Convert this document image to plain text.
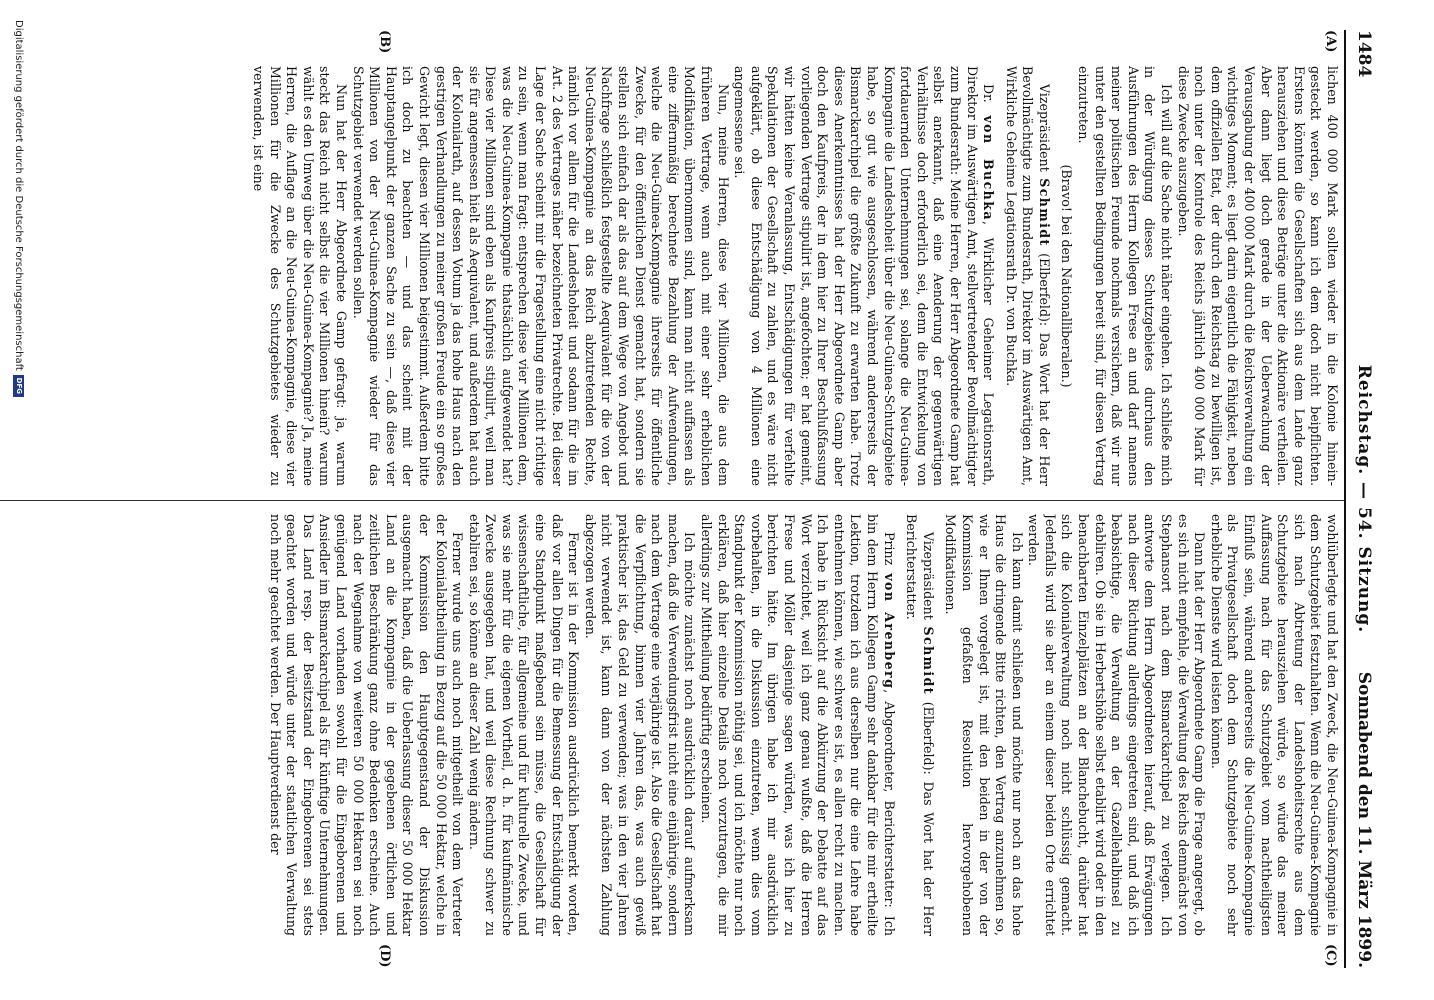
1484
Reichstag. — 54. Sitzung.
Sonnabend den 11. März 1899.
(A)
(B)
(C)
(D)

lichen 400 000 Mark sollten wieder in die Kolonie hinein-gesteckt werden, so kann ich dem doch nicht beipflichten. Erstens könnten die Gesellschaften sich aus dem Lande ganz herausziehen und diese Beträge unter die Aktionäre vertheilen. Aber dann liegt doch gerade in der Ueberwachung der Verausgabung der 400 000 Mark durch die Reichsverwaltung ein wichtiges Moment; es liegt darin eigentlich die Fähigkeit, neben dem offiziellen Etat, der durch den Reichstag zu bewilligen ist, noch unter der Kontrole des Reichs jährlich 400 000 Mark für diese Zwecke auszugeben.

Ich will auf die Sache nicht näher eingehen. Ich schließe mich in der Würdigung dieses Schutzgebietes durchaus den Ausführungen des Herrn Kollegen Frese an und darf namens meiner politischen Freunde nochmals versichern, daß wir nur unter den gestellten Bedingungen bereit sind, für diesen Vertrag einzutreten.

(Bravo! bei den Nationalliberalen.)

Vizepräsident Schmidt (Elberfeld): Das Wort hat der Herr Bevollmächtigte zum Bundesrath, Direktor im Auswärtigen Amt, Wirkliche Geheime Legationsrath Dr. von Buchka.

Dr. von Buchka, Wirklicher Geheimer Legationsrath, Direktor im Auswärtigen Amt, stellvertretender Bevollmächtigter zum Bundesrath: Meine Herren, der Herr Abgeordnete Gamp hat selbst anerkannt, daß eine Aenderung der gegenwärtigen Verhältnisse doch erforderlich sei, denn die Entwickelung von fortdauernden Unternehmungen sei, solange die Neu-Guinea-Kompagnie die Landeshoheit über die Neu-Guinea-Schutzgebiete habe, so gut wie ausgeschlossen, während andererseits der Bismarckarchipel die größte Zukunft zu erwarten habe. Trotz dieses Anerkenntnisses hat der Herr Abgeordnete Gamp aber doch den Kaufpreis, der in dem hier zu Ihrer Beschlußfassung vorliegenden Vertrage stipulirt ist, angefochten; er hat gemeint, wir hätten keine Veranlassung, Entschädigungen für verfehlte Spekulationen der Gesellschaft zu zahlen, und es wäre nicht aufgeklärt, ob diese Entschädigung von 4 Millionen eine angemessene sei.

Nun, meine Herren, diese vier Millionen, die aus dem früheren Vertrage, wenn auch mit einer sehr erheblichen Modifikation, übernommen sind, kann man nicht auffassen als eine ziffernmäßig berechnete Bezahlung der Aufwendungen, welche die Neu-Guinea-Kompagnie ihrerseits für öffentliche Zwecke, für den öffentlichen Dienst gemacht hat, sondern sie stellen sich einfach dar als das auf dem Wege von Angebot und Nachfrage schließlich festgestellte Aequivalent für die von der Neu-Guinea-Kompagnie an das Reich abzutretenden Rechte, nämlich vor allem für die Landeshoheit und sodann für die im Art. 2 des Vertrages näher bezeichneten Privatrechte. Bei dieser Lage der Sache scheint mir die Fragestellung eine nicht richtige zu sein, wenn man fragt: entsprechen diese vier Millionen dem, was die Neu-Guinea-Kompagnie thatsächlich aufgewendet hat? Diese vier Millionen sind eben als Kaufpreis stipulirt, weil man sie für angemessen hielt als Aequivalent, und außerdem hat auch der Kolonialrath, auf dessen Votum ja das hohe Haus nach den gestrigen Verhandlungen zu meiner großen Freude ein so großes Gewicht legt, diesen vier Millionen beigestimmt. Außerdem bitte ich doch zu beachten — und das scheint mit der Hauptangelpunkt der ganzen Sache zu sein —, daß diese vier Millionen von der Neu-Guinea-Kompagnie wieder für das Schutzgebiet verwendet werden sollen.

Nun hat der Herr Abgeordnete Gamp gefragt: ja, warum steckt das Reich nicht selbst die vier Millionen hinein? warum wählt es den Umweg über die Neu-Guinea-Kompagnie? Ja, meine Herren, die Auflage an die Neu-Guinea-Kompagnie, diese vier Millionen für die Zwecke des Schutzgebietes wieder zu verwenden, ist eine

wohlüberlegte und hat den Zweck, die Neu-Guinea-Kompagnie in dem Schutzgebiet festzuhalten. Wenn die Neu-Guinea-Kompagnie sich nach Abtretung der Landeshoheitsrechte aus dem Schutzgebiete herausziehen würde, so würde das meiner Auffassung nach für das Schutzgebiet vom nachtheiligsten Einfluß sein, während andererseits die Neu-Guinea-Kompagnie als Privatgesellschaft doch dem Schutzgebiete noch sehr erhebliche Dienste wird leisten können.

Dann hat der Herr Abgeordnete Gamp die Frage angeregt, ob es sich nicht empfehle, die Verwaltung des Reichs demnächst von Stephansort nach dem Bismarckarchipel zu verlegen. Ich antworte dem Herrn Abgeordneten hierauf, daß Erwägungen nach dieser Richtung allerdings eingetreten sind, und daß ich beabsichtige, die Verwaltung an der Gazellehalbinsel zu etabliren. Ob sie in Herbertshöhe selbst etablirt wird oder in den benachbarten Einzelplätzen an der Blanchebucht, darüber hat sich die Kolonialverwaltung noch nicht schlüssig gemacht. Jedenfalls wird sie aber an einem dieser beiden Orte errichtet werden.

Ich kann damit schließen und möchte nur noch an das hohe Haus die dringende Bitte richten, den Vertrag anzunehmen so, wie er Ihnen vorgelegt ist, mit den beiden in der von der Kommission gefaßten Resolution hervorgehobenen Modifikationen.

Vizepräsident Schmidt (Elberfeld): Das Wort hat der Herr Berichterstatter.

Prinz von Arenberg, Abgeordneter, Berichterstatter: Ich bin dem Herrn Kollegen Gamp sehr dankbar für die mir ertheilte Lektion, trotzdem ich aus derselben nur die eine Lehre habe entnehmen können, wie schwer es ist, es allen recht zu machen. Ich habe in Rücksicht auf die Abkürzung der Debatte auf das Wort verzichtet, weil ich ganz genau wußte, daß die Herren Frese und Möller dasjenige sagen würden, was ich hier zu berichten hätte. Im übrigen habe ich mir ausdrücklich vorbehalten, in die Diskussion einzutreten, wenn dies vom Standpunkt der Kommission nöthig sei, und ich möchte nur noch erklären, daß hier einzelne Details noch vorzutragen, die mir allerdings zur Mittheilung bedürftig erscheinen.

Ich möchte zunächst noch ausdrücklich darauf aufmerksam machen, daß die Verwendungsfrist nicht eine einjährige, sondern nach dem Vertrage eine vierjährige ist. Also die Gesellschaft hat die Verpflichtung, binnen vier Jahren das, was auch gewiß praktischer ist, das Geld zu verwenden; was in den vier Jahren nicht verwendet ist, kann dann von der nächsten Zahlung abgezogen werden.

Ferner ist in der Kommission ausdrücklich bemerkt worden, daß vor allen Dingen für die Bemessung der Entschädigung der eine Standpunkt maßgebend sein müsse, die Gesellschaft für wissenschaftliche, für allgemeine und für kulturelle Zwecke, und was sie mehr für die eigenen Vortheil, d. h. für kaufmännische Zwecke ausgegeben hat, und weil diese Rechnung schwer zu etabliren sei, so könne an dieser Zahl wenig ändern.

Ferner wurde uns auch noch mitgetheilt von dem Vertreter der Kolonialabtheilung in Bezug auf die 50 000 Hektar, welche in der Kommission den Hauptgegenstand der Diskussion ausgemacht haben, daß die Ueberlassung dieser 50 000 Hektar Land an die Kompagnie in der gegebenen örtlichen und zeitlichen Beschränkung ganz ohne Bedenken erscheine. Auch nach der Wegnahme von weiteren 50 000 Hektaren sei noch genügend Land vorhanden sowohl für die Eingeborenen und Ansiedler im Bismarckarchipel als für künftige Unternehmungen. Das Land resp. der Besitzstand der Eingeborenen sei stets geachtet worden und würde unter der staatlichen Verwaltung noch mehr geachtet werden. Der Hauptverdienst der

Digitalisierung gefördert durch die Deutsche Forschungsgemeinschaft
DFG
